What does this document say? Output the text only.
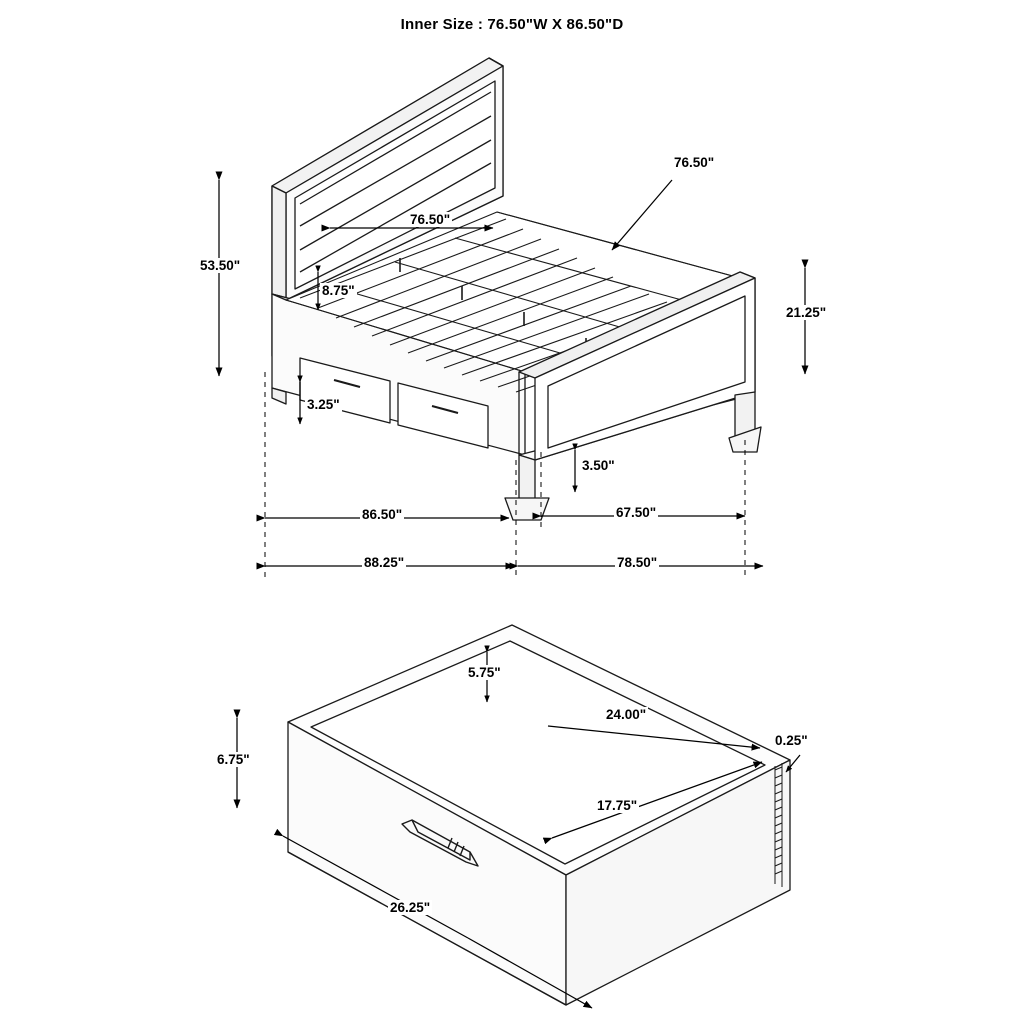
Inner Size : 76.50"W X 86.50"D
53.50"
76.50"
76.50"
8.75"
21.25"
3.25"
3.50"
86.50"	67.50"
88.25"	78.50"
5.75"
6.75"
24.00"
0.25"
17.75"
26.25"
